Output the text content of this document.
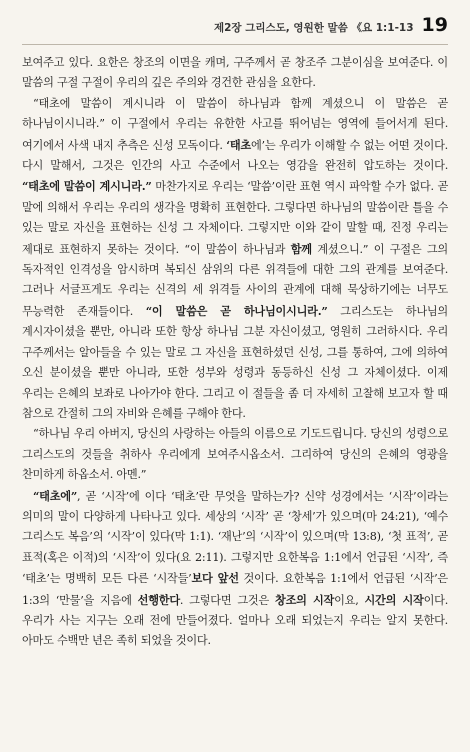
제2장 그리스도, 영원한 말씀 《요 1:1-13 19

보여주고 있다. 요한은 창조의 이면을 캐며, 구주께서 곧 창조주 그분이심을 보여준다. 이 말씀의 구절 구절이 우리의 깊은 주의와 경건한 관심을 요한다.

“태초에 말씀이 계시니라 이 말씀이 하나님과 함께 계셨으니 이 말씀은 곧 하나님이시니라.” 이 구절에서 우리는 유한한 사고를 뛰어넘는 영역에 들어서게 된다. 여기에서 사색 내지 추측은 신성 모독이다. ‘태초에’는 우리가 이해할 수 없는 어떤 것이다. 다시 말해서, 그것은 인간의 사고 수준에서 나오는 영감을 완전히 압도하는 것이다. “태초에 말씀이 계시니라.” 마찬가지로 우리는 ‘말씀’이란 표현 역시 파악할 수가 없다. 곧 말에 의해서 우리는 우리의 생각을 명확히 표현한다. 그렇다면 하나님의 말씀이란 틀을 수 있는 말로 자신을 표현하는 신성 그 자체이다. 그렇지만 이와 같이 말할 때, 진정 우리는 제대로 표현하지 못하는 것이다. “이 말씀이 하나님과 함께 계셨으니.” 이 구절은 그의 독자적인 인격성을 암시하며 복되신 삼위의 다른 위격들에 대한 그의 관계를 보여준다. 그러나 서글프게도 우리는 신격의 세 위격들 사이의 관계에 대해 묵상하기에는 너무도 무능력한 존재들이다. “이 말씀은 곧 하나님이시니라.” 그리스도는 하나님의 계시자이셨을 뿐만, 아니라 또한 항상 하나님 그분 자신이셨고, 영원히 그러하시다. 우리 구주께서는 알아들을 수 있는 말로 그 자신을 표현하셨던 신성, 그를 통하여, 그에 의하여 오신 분이셨을 뿐만 아니라, 또한 성부와 성령과 동등하신 신성 그 자체이셨다. 이제 우리는 은혜의 보좌로 나아가야 한다. 그리고 이 절들을 좀 더 자세히 고찰해 보고자 할 때 참으로 간절히 그의 자비와 은혜를 구해야 한다.

“하나님 우리 아버지, 당신의 사랑하는 아들의 이름으로 기도드립니다. 당신의 성령으로 그리스도의 것들을 취하사 우리에게 보여주시옵소서. 그리하여 당신의 은혜의 영광을 찬미하게 하옵소서. 아멘.”

“태초에”, 곧 ‘시작’에 이다 ‘태초’란 무엇을 말하는가? 신약 성경에서는 ‘시작’이라는 의미의 말이 다양하게 나타나고 있다. 세상의 ‘시작’ 곧 ‘창세’가 있으며(마 24:21), ‘예수 그리스도 복음’의 ‘시작’이 있다(막 1:1). ‘재난’의 ‘시작’이 있으며(막 13:8), ‘첫 표적’, 곧 표적(혹은 이적)의 ‘시작’이 있다(요 2:11). 그렇지만 요한복음 1:1에서 언급된 ‘시작’, 즉 ‘태초’는 명백히 모든 다른 ‘시작들’보다 앞선 것이다. 요한복음 1:1에서 언급된 ‘시작’은 1:3의 ‘만물’을 지음에 선행한다. 그렇다면 그것은 창조의 시작이요, 시간의 시작이다. 우리가 사는 지구는 오래 전에 만들어졌다. 얼마나 오래 되었는지 우리는 알지 못한다. 아마도 수백만 년은 족히 되었을 것이다.
